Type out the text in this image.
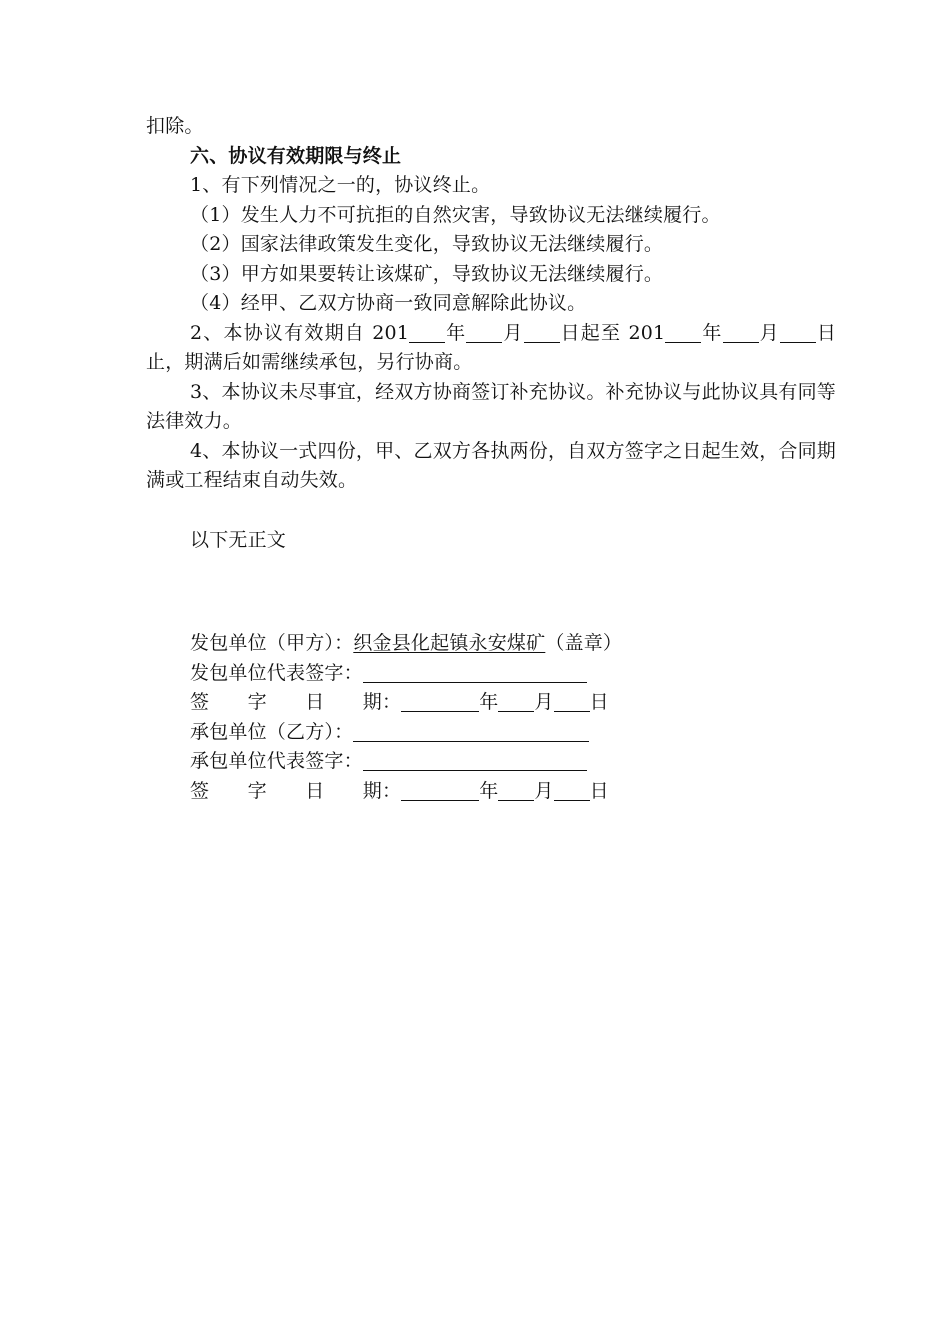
扣除。

六、协议有效期限与终止

1、有下列情况之一的，协议终止。

（1）发生人力不可抗拒的自然灾害，导致协议无法继续履行。

（2）国家法律政策发生变化，导致协议无法继续履行。

（3）甲方如果要转让该煤矿，导致协议无法继续履行。

（4）经甲、乙双方协商一致同意解除此协议。

2、本协议有效期自 201 年 月 日起至 201 年 月 日止，期满后如需继续承包，另行协商。

3、本协议未尽事宜，经双方协商签订补充协议。补充协议与此协议具有同等法律效力。

4、本协议一式四份，甲、乙双方各执两份，自双方签字之日起生效，合同期满或工程结束自动失效。

以下无正文

发包单位（甲方）：织金县化起镇永安煤矿（盖章）

发包单位代表签字：

签　　字　　日　　期：	年 月 日

承包单位（乙方）：

承包单位代表签字：

签　　字　　日　　期：	年 月 日
